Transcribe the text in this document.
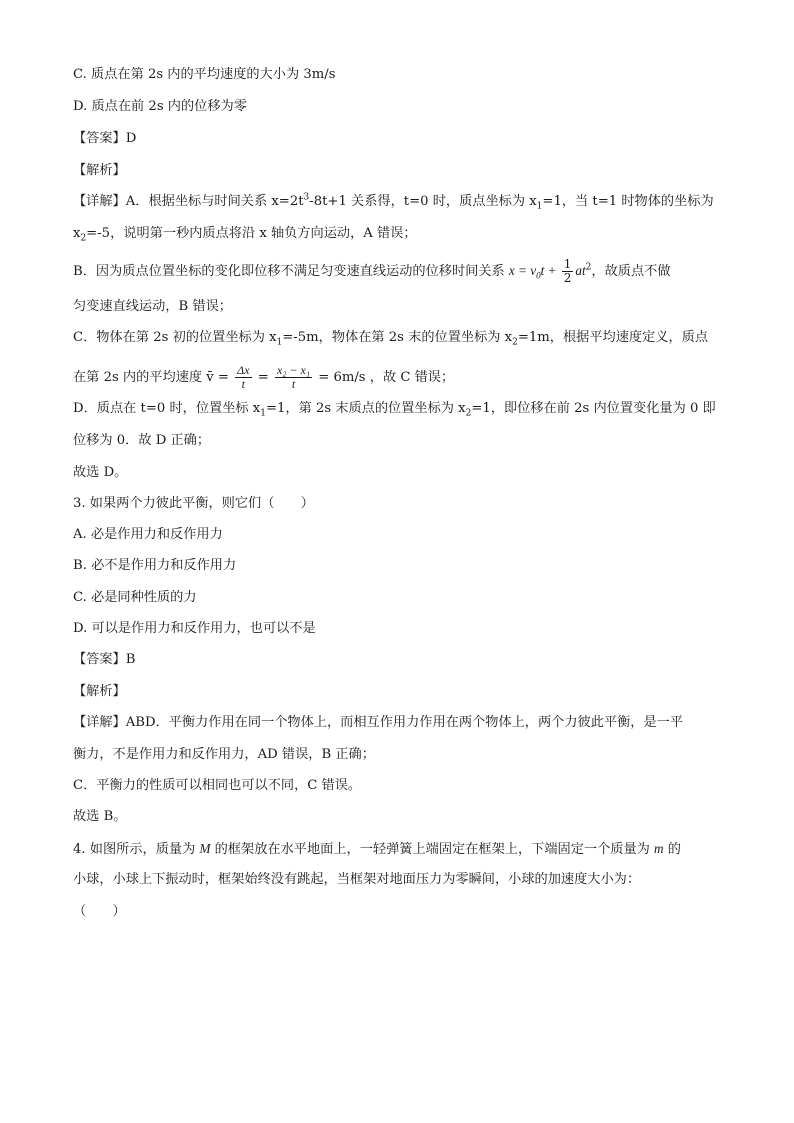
C. 质点在第 2s 内的平均速度的大小为 3m/s
D. 质点在前 2s 内的位移为零
【答案】D
【解析】
【详解】A．根据坐标与时间关系 $x=2t^3-8t+1$ 关系得，t=0 时，质点坐标为 $x_1=1$，当 t=1 时物体的坐标为
$x_2=-5$，说明第一秒内质点将沿 x 轴负方向运动，A 错误；
B．因为质点位置坐标的变化即位移不满足匀变速直线运动的位移时间关系 $x = v_0t + \frac{1}{2} at^2$，故质点不做
匀变速直线运动，B 错误；
C．物体在第 2s 初的位置坐标为 $x_1=-5m$，物体在第 2s 末的位置坐标为 $x_2=1m$，根据平均速度定义，质点
在第 2s 内的平均速度 v̄ = $\frac{\Delta x}{t} = \frac{\text{x₂ − x₁}}{t} = 6m/s$ ，故 C 错误；
D．质点在 t=0 时，位置坐标 $x_1=1$，第 2s 末质点的位置坐标为 $x_2=1$，即位移在前 2s 内位置变化量为 0 即
位移为 0．故 D 正确；
故选 D。
3. 如果两个力彼此平衡，则它们（　　）
A. 必是作用力和反作用力
B. 必不是作用力和反作用力
C. 必是同种性质的力
D. 可以是作用力和反作用力，也可以不是
【答案】B
【解析】
【详解】ABD．平衡力作用在同一个物体上，而相互作用力作用在两个物体上，两个力彼此平衡，是一平
衡力，不是作用力和反作用力，AD 错误，B 正确；
C．平衡力的性质可以相同也可以不同，C 错误。
故选 B。
4. 如图所示，质量为 M 的框架放在水平地面上，一轻弹簧上端固定在框架上，下端固定一个质量为 m 的
小球，小球上下振动时，框架始终没有跳起，当框架对地面压力为零瞬间，小球的加速度大小为：
（　　）
